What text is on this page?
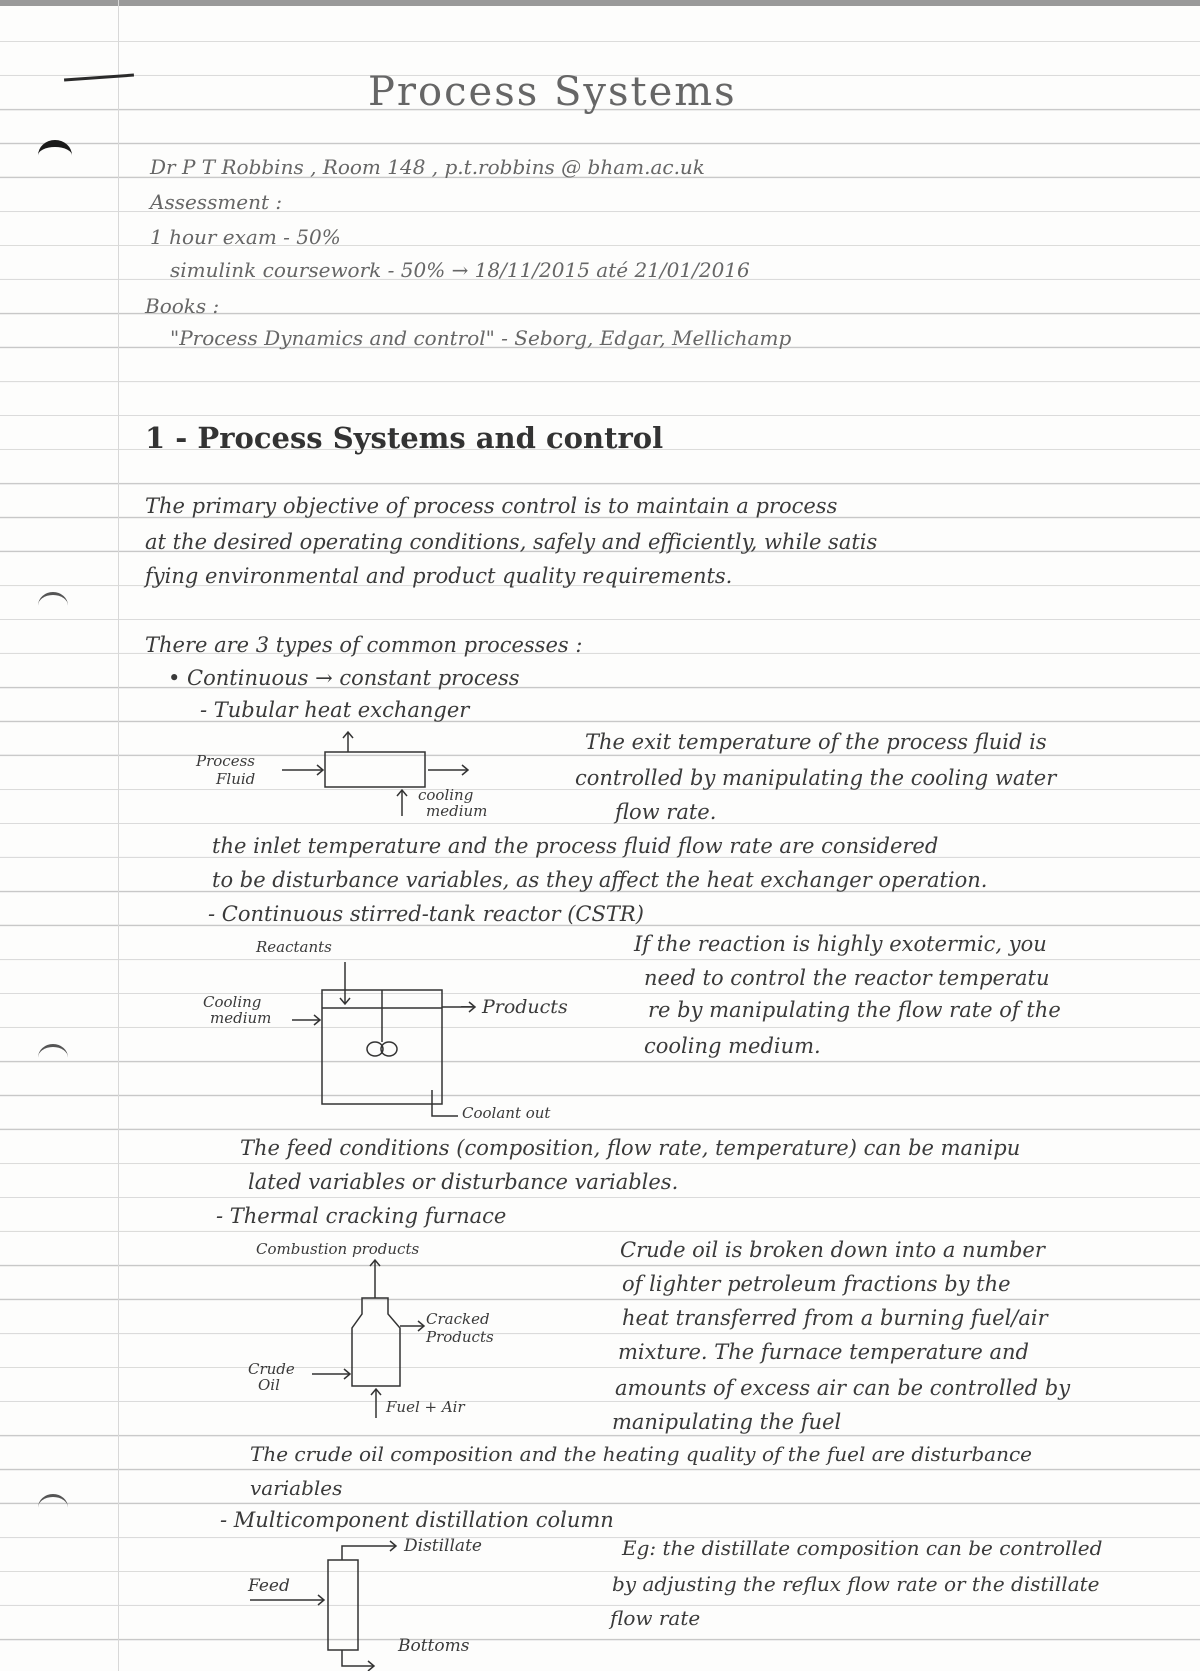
Process Systems

Dr P T Robbins , Room 148 , p.t.robbins @ bham.ac.uk

Assessment :

1 hour exam - 50%

simulink coursework - 50% → 18/11/2015 até 21/01/2016

Books :

"Process Dynamics and control" - Seborg, Edgar, Mellichamp

1 - Process Systems and control

The primary objective of process control is to maintain a process

at the desired operating conditions, safely and efficiently, while satis

fying environmental and product quality requirements.

There are 3 types of common processes :

• Continuous → constant process

- Tubular heat exchanger

Process

Fluid

cooling

medium

The exit temperature of the process fluid is

controlled by manipulating the cooling water

flow rate.

the inlet temperature and the process fluid flow rate are considered

to be disturbance variables, as they affect the heat exchanger operation.

- Continuous stirred-tank reactor (CSTR)

Reactants

Cooling

medium	→ Products

Coolant out

If the reaction is highly exotermic, you

need to control the reactor temperatu

re by manipulating the flow rate of the

cooling medium.

The feed conditions (composition, flow rate, temperature) can be manipu

lated variables or disturbance variables.

- Thermal cracking furnace

Combustion products

Cracked

Products

Crude

Oil

Fuel + Air

Crude oil is broken down into a number

of lighter petroleum fractions by the

heat transferred from a burning fuel/air

mixture. The furnace temperature and

amounts of excess air can be controlled by

manipulating the fuel

The crude oil composition and the heating quality of the fuel are disturbance

variables

- Multicomponent distillation column

Distillate

Feed

Bottoms

Eg: the distillate composition can be controlled

by adjusting the reflux flow rate or the distillate

flow rate
